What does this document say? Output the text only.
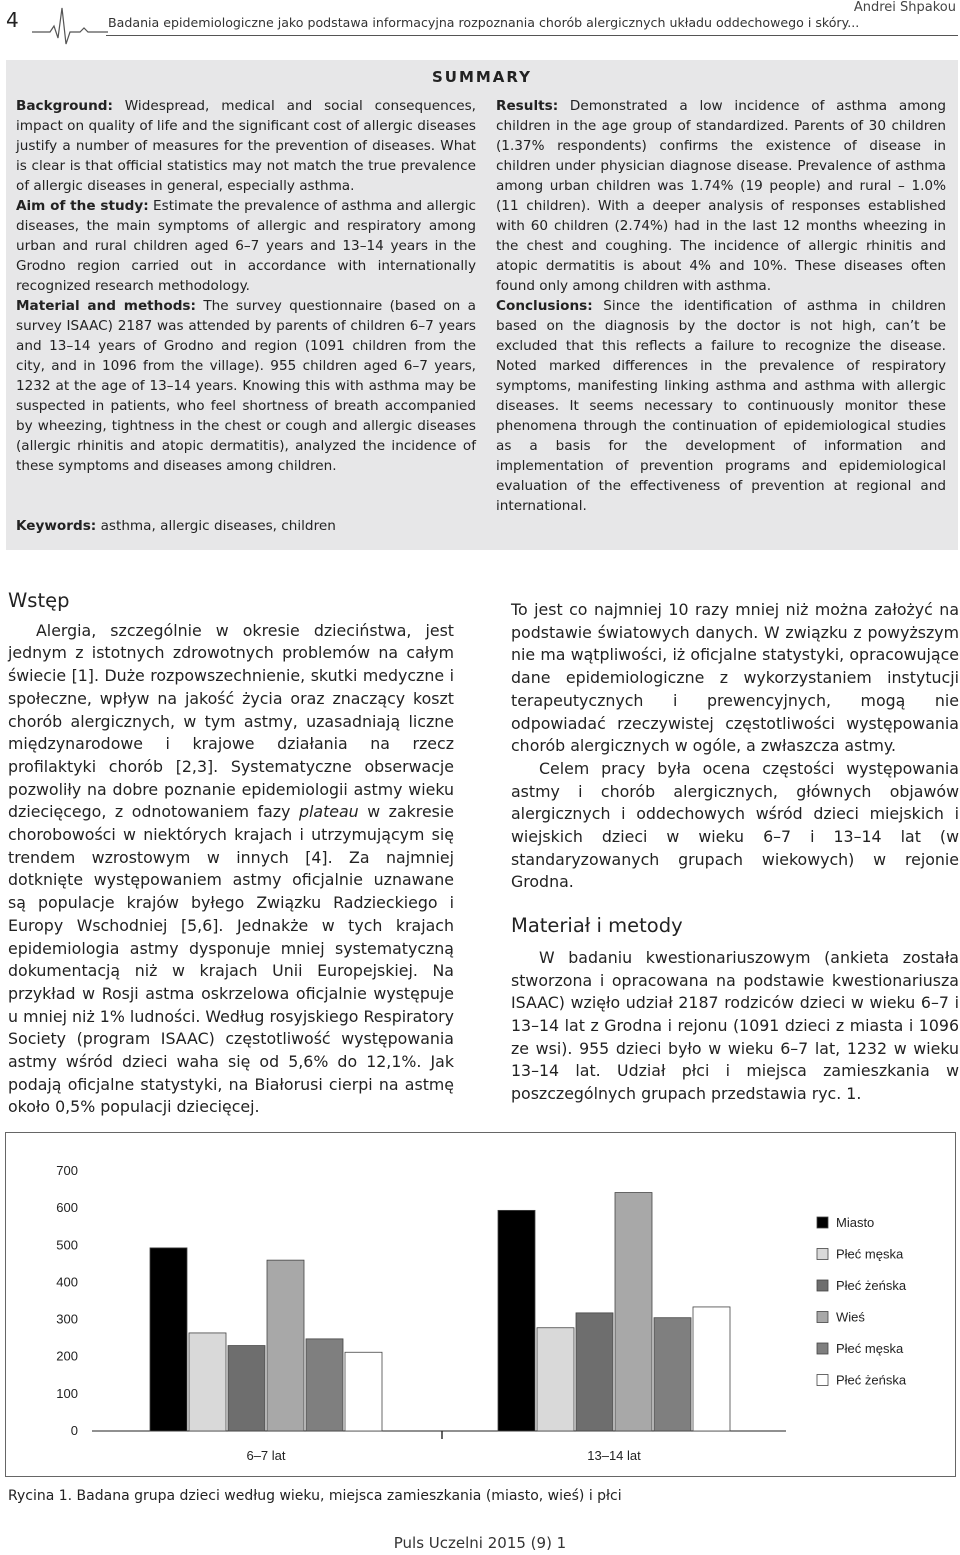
4
Andrei Shpakou
Badania epidemiologiczne jako podstawa informacyjna rozpoznania chorób alergicznych układu oddechowego i skóry...
SUMMARY

Background: Widespread, medical and social consequences, impact on quality of life and the significant cost of allergic diseases justify a number of measures for the prevention of diseases. What is clear is that official statistics may not match the true prevalence of allergic diseases in general, especially asthma.

Aim of the study: Estimate the prevalence of asthma and allergic diseases, the main symptoms of allergic and respiratory among urban and rural children aged 6–7 years and 13–14 years in the Grodno region carried out in accordance with internationally recognized research methodology.

Material and methods: The survey questionnaire (based on a survey ISAAC) 2187 was attended by parents of children 6–7 years and 13–14 years of Grodno and region (1091 children from the city, and in 1096 from the village). 955 children aged 6–7 years, 1232 at the age of 13–14 years. Knowing this with asthma may be suspected in patients, who feel shortness of breath accompanied by wheezing, tightness in the chest or cough and allergic diseases (allergic rhinitis and atopic dermatitis), analyzed the incidence of these symptoms and diseases among children.

Keywords: asthma, allergic diseases, children

Results: Demonstrated a low incidence of asthma among children in the age group of standardized. Parents of 30 children (1.37% respondents) confirms the existence of disease in children under physician diagnose disease. Prevalence of asthma among urban children was 1.74% (19 people) and rural – 1.0% (11 children). With a deeper analysis of responses established with 60 children (2.74%) had in the last 12 months wheezing in the chest and coughing. The incidence of allergic rhinitis and atopic dermatitis is about 4% and 10%. These diseases often found only among children with asthma.

Conclusions: Since the identification of asthma in children based on the diagnosis by the doctor is not high, can’t be excluded that this reflects a failure to recognize the disease. Noted marked differences in the prevalence of respiratory symptoms, manifesting linking asthma and asthma with allergic diseases. It seems necessary to continuously monitor these phenomena through the continuation of epidemiological studies as a basis for the development of information and implementation of prevention programs and epidemiological evaluation of the effectiveness of prevention at regional and international.

Wstęp

Alergia, szczególnie w okresie dzieciństwa, jest jednym z istotnych zdrowotnych problemów na całym świecie [1]. Duże rozpowszechnienie, skutki medyczne i społeczne, wpływ na jakość życia oraz znaczący koszt chorób alergicznych, w tym astmy, uzasadniają liczne międzynarodowe i krajowe działania na rzecz profilaktyki chorób [2,3]. Systematyczne obserwacje pozwoliły na dobre poznanie epidemiologii astmy wieku dziecięcego, z odnotowaniem fazy plateau w zakresie chorobowości w niektórych krajach i utrzymującym się trendem wzrostowym w innych [4]. Za najmniej dotknięte występowaniem astmy oficjalnie uznawane są populacje krajów byłego Związku Radzieckiego i Europy Wschodniej [5,6]. Jednakże w tych krajach epidemiologia astmy dysponuje mniej systematyczną dokumentacją niż w krajach Unii Europejskiej. Na przykład w Rosji astma oskrzelowa oficjalnie występuje u mniej niż 1% ludności. Według rosyjskiego Respiratory Society (program ISAAC) częstotliwość występowania astmy wśród dzieci waha się od 5,6% do 12,1%. Jak podają oficjalne statystyki, na Białorusi cierpi na astmę około 0,5% populacji dziecięcej.

To jest co najmniej 10 razy mniej niż można założyć na podstawie światowych danych. W związku z powyższym nie ma wątpliwości, iż oficjalne statystyki, opracowujące dane epidemiologiczne z wykorzystaniem instytucji terapeutycznych i prewencyjnych, mogą nie odpowiadać rzeczywistej częstotliwości występowania chorób alergicznych w ogóle, a zwłaszcza astmy.

Celem pracy była ocena częstości występowania astmy i chorób alergicznych, głównych objawów alergicznych i oddechowych wśród dzieci miejskich i wiejskich dzieci w wieku 6–7 i 13–14 lat (w standaryzowanych grupach wiekowych) w rejonie Grodna.

Materiał i metody

W badaniu kwestionariuszowym (ankieta została stworzona i opracowana na podstawie kwestionariusza ISAAC) wzięło udział 2187 rodziców dzieci w wieku 6–7 i 13–14 lat z Grodna i rejonu (1091 dzieci z miasta i 1096 ze wsi). 955 dzieci było w wieku 6–7 lat, 1232 w wieku 13–14 lat. Udział płci i miejsca zamieszkania w poszczególnych grupach przedstawia ryc. 1.

0
100
200
300
400
500
600
700
6–7 lat	13–14 lat
Miasto
Płeć męska
Płeć żeńska
Wieś
Płeć męska
Płeć żeńska
Rycina 1. Badana grupa dzieci według wieku, miejsca zamieszkania (miasto, wieś) i płci
Puls Uczelni 2015 (9) 1
